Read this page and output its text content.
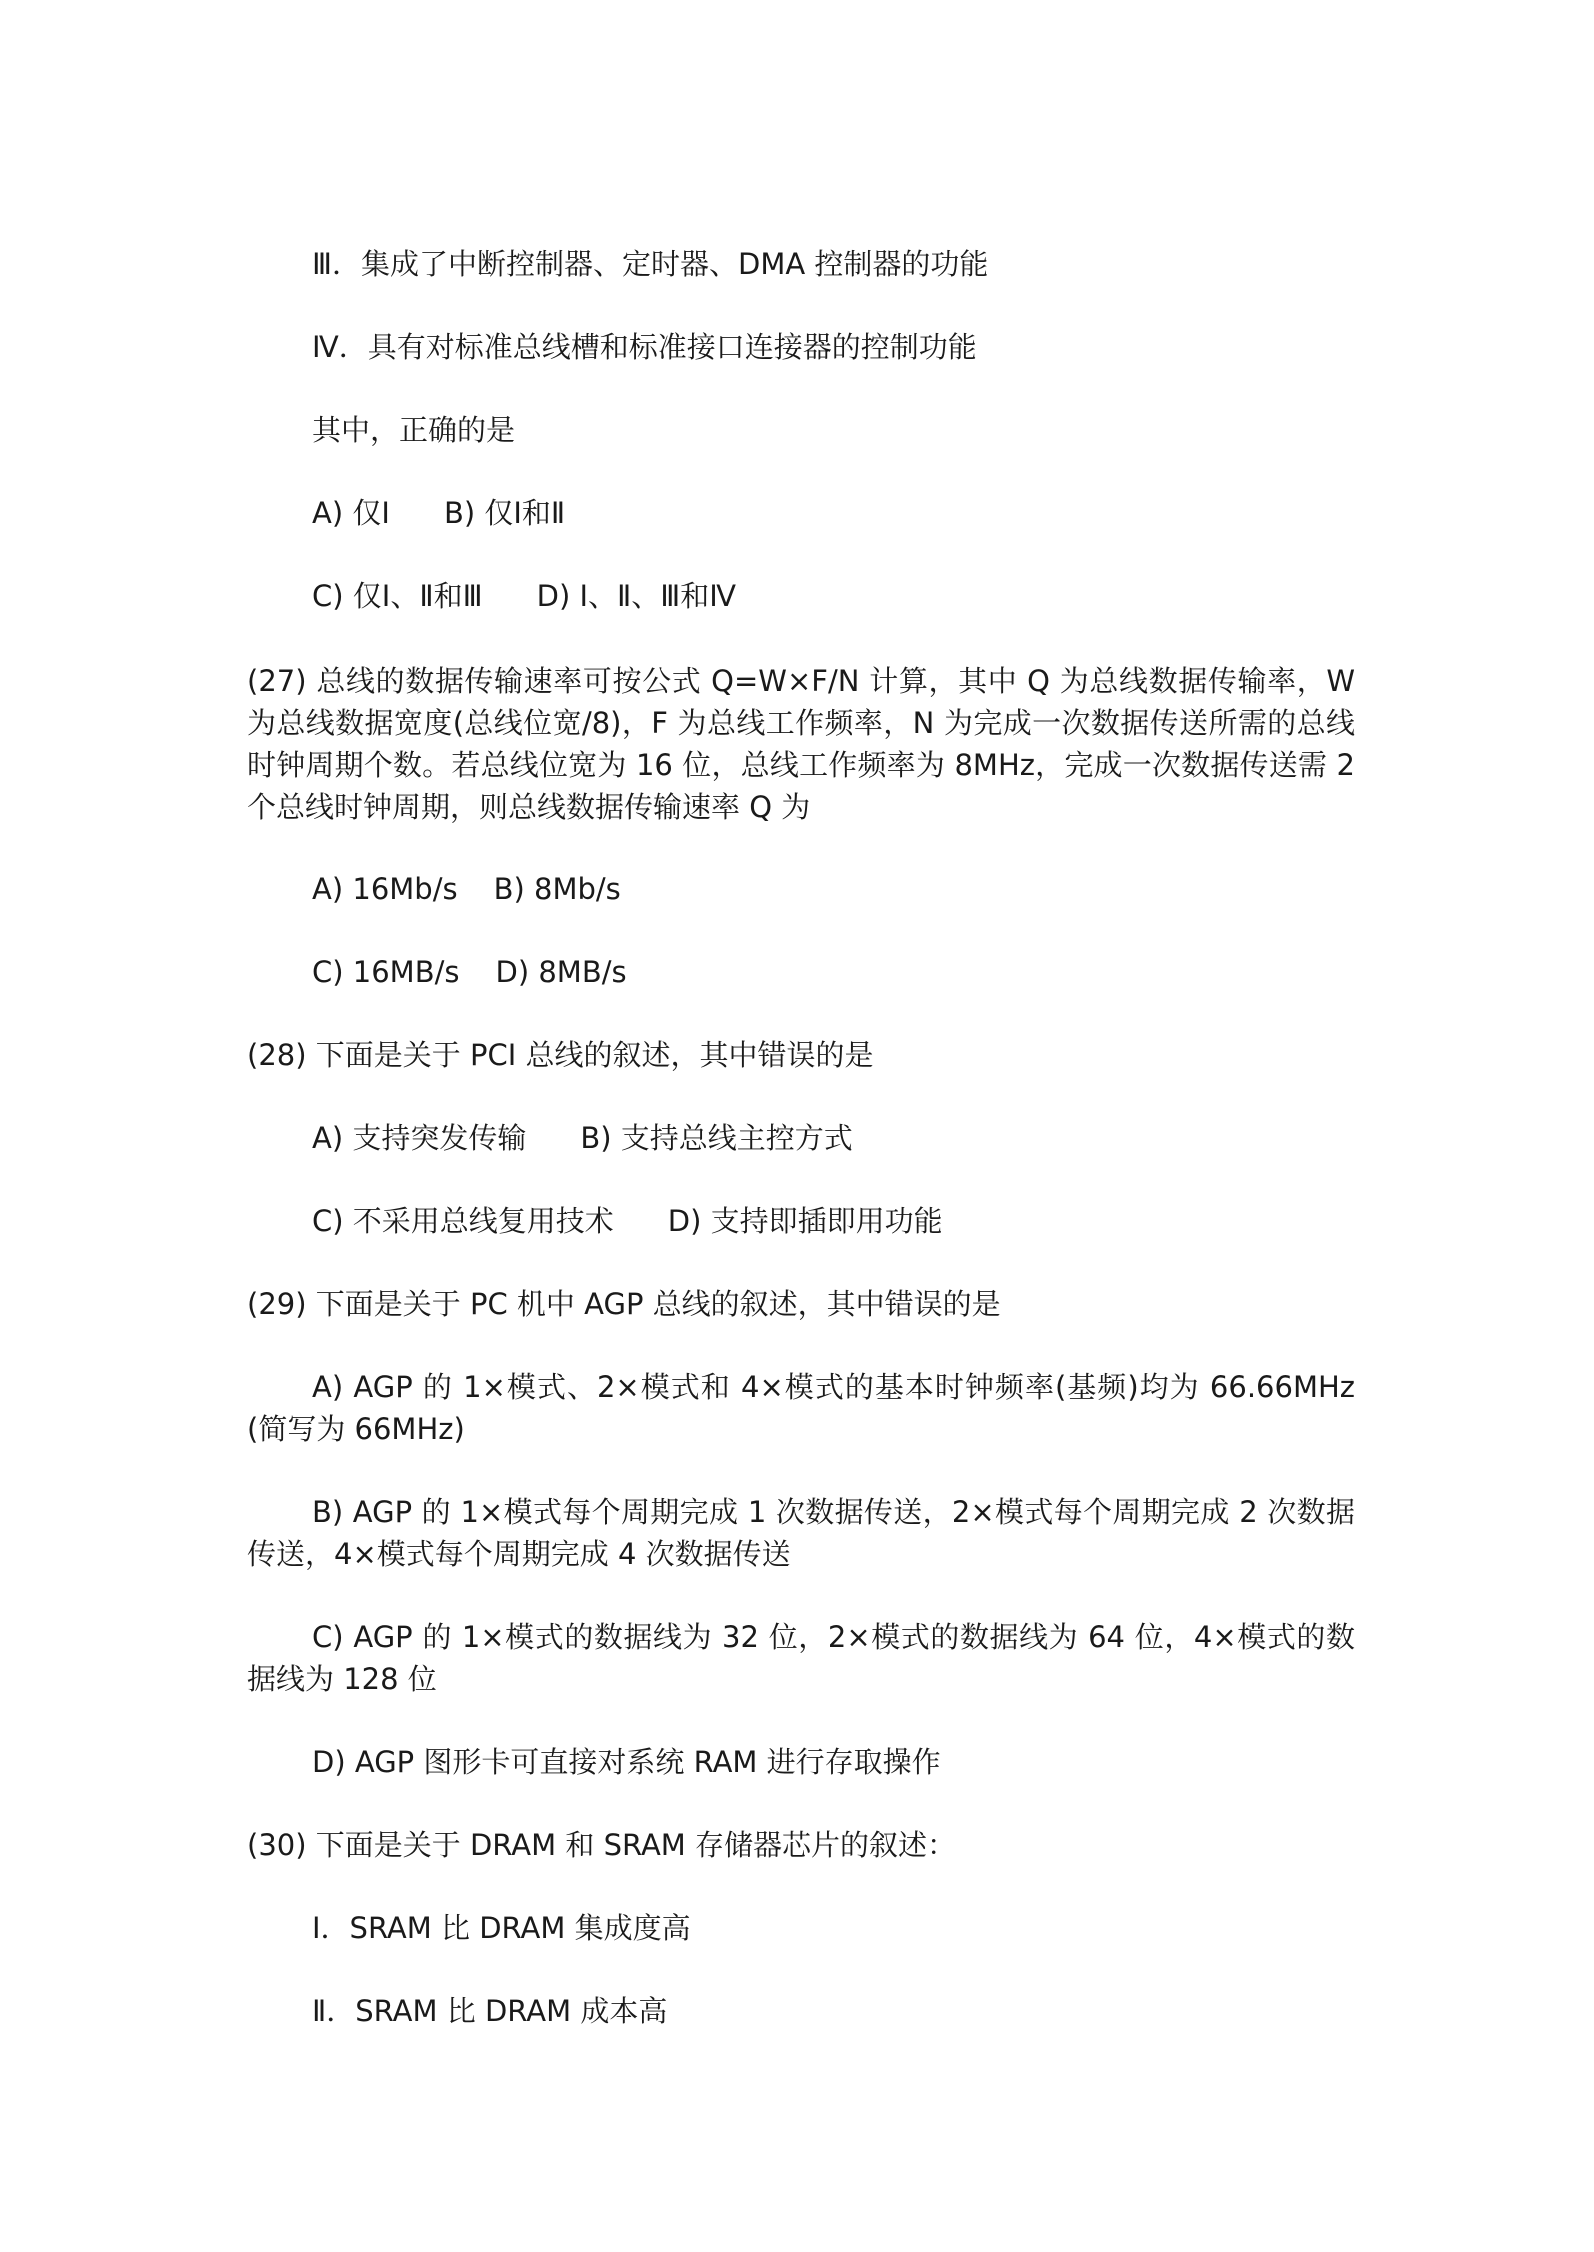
Ⅲ．集成了中断控制器、定时器、DMA 控制器的功能
Ⅳ．具有对标准总线槽和标准接口连接器的控制功能
其中，正确的是
A) 仅Ⅰ B) 仅Ⅰ和Ⅱ
C) 仅Ⅰ、Ⅱ和Ⅲ D) Ⅰ、Ⅱ、Ⅲ和Ⅳ
(27) 总线的数据传输速率可按公式 Q=W×F/N 计算，其中 Q 为总线数据传输率，W 为总线数据宽度(总线位宽/8)，F 为总线工作频率，N 为完成一次数据传送所需的总线时钟周期个数。若总线位宽为 16 位，总线工作频率为 8MHz，完成一次数据传送需 2 个总线时钟周期，则总线数据传输速率 Q 为
A) 16Mb/s B) 8Mb/s
C) 16MB/s D) 8MB/s
(28) 下面是关于 PCI 总线的叙述，其中错误的是
A) 支持突发传输 B) 支持总线主控方式
C) 不采用总线复用技术 D) 支持即插即用功能
(29) 下面是关于 PC 机中 AGP 总线的叙述，其中错误的是
A) AGP 的 1×模式、2×模式和 4×模式的基本时钟频率(基频)均为 66.66MHz (简写为 66MHz)
B) AGP 的 1×模式每个周期完成 1 次数据传送，2×模式每个周期完成 2 次数据传送，4×模式每个周期完成 4 次数据传送
C) AGP 的 1×模式的数据线为 32 位，2×模式的数据线为 64 位，4×模式的数据线为 128 位
D) AGP 图形卡可直接对系统 RAM 进行存取操作
(30) 下面是关于 DRAM 和 SRAM 存储器芯片的叙述：
Ⅰ．SRAM 比 DRAM 集成度高
Ⅱ．SRAM 比 DRAM 成本高
